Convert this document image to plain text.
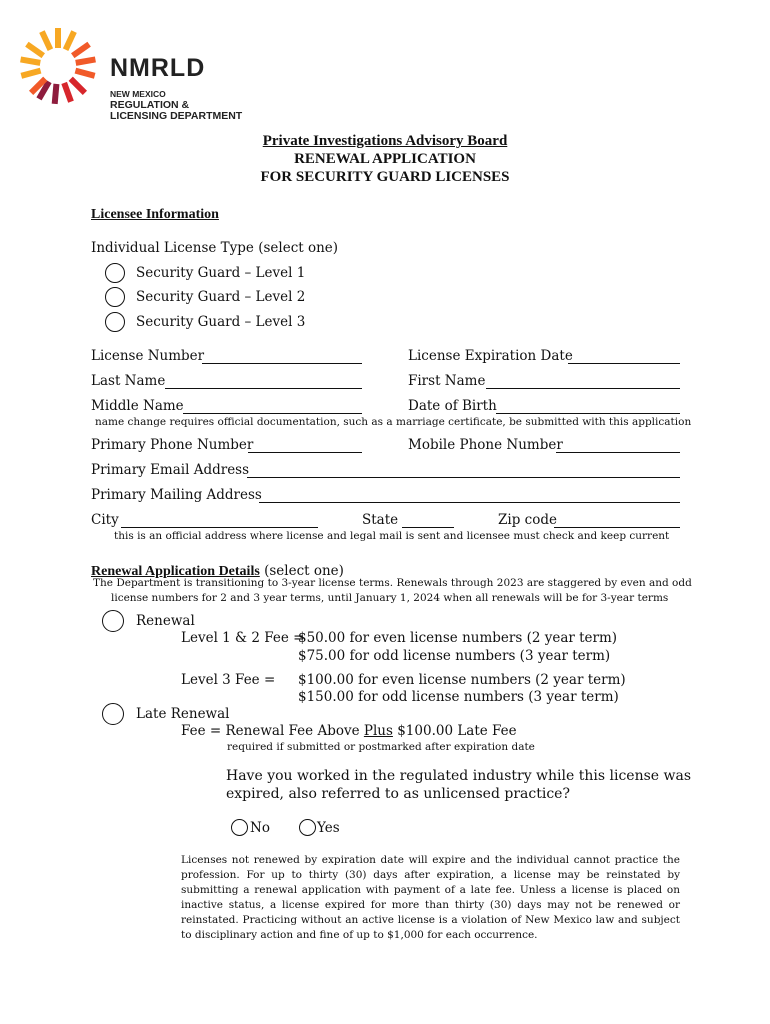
NMRLD
NEW MEXICO
REGULATION &
LICENSING DEPARTMENT
Private Investigations Advisory Board
RENEWAL APPLICATION
FOR SECURITY GUARD LICENSES
Licensee Information
Individual License Type (select one)
Security Guard – Level 1
Security Guard – Level 2
Security Guard – Level 3
License Number	License Expiration Date
Last Name	First Name
Middle Name	Date of Birth
name change requires official documentation, such as a marriage certificate, be submitted with this application
Primary Phone Number	Mobile Phone Number
Primary Email Address
Primary Mailing Address
City	State	Zip code
this is an official address where license and legal mail is sent and licensee must check and keep current
Renewal Application Details (select one)
The Department is transitioning to 3-year license terms. Renewals through 2023 are staggered by even and odd
license numbers for 2 and 3 year terms, until January 1, 2024 when all renewals will be for 3-year terms
Renewal
Level 1 & 2 Fee =
$50.00 for even license numbers (2 year term)
$75.00 for odd license numbers (3 year term)
Level 3 Fee = $100.00 for even license numbers (2 year term)
$150.00 for odd license numbers (3 year term)
Late Renewal
Fee = Renewal Fee Above Plus $100.00 Late Fee
required if submitted or postmarked after expiration date
Have you worked in the regulated industry while this license was
expired, also referred to as unlicensed practice?
No	Yes
Licenses not renewed by expiration date will expire and the individual cannot practice the profession. For up to thirty (30) days after expiration, a license may be reinstated by submitting a renewal application with payment of a late fee. Unless a license is placed on inactive status, a license expired for more than thirty (30) days may not be renewed or reinstated. Practicing without an active license is a violation of New Mexico law and subject to disciplinary action and fine of up to $1,000 for each occurrence.
